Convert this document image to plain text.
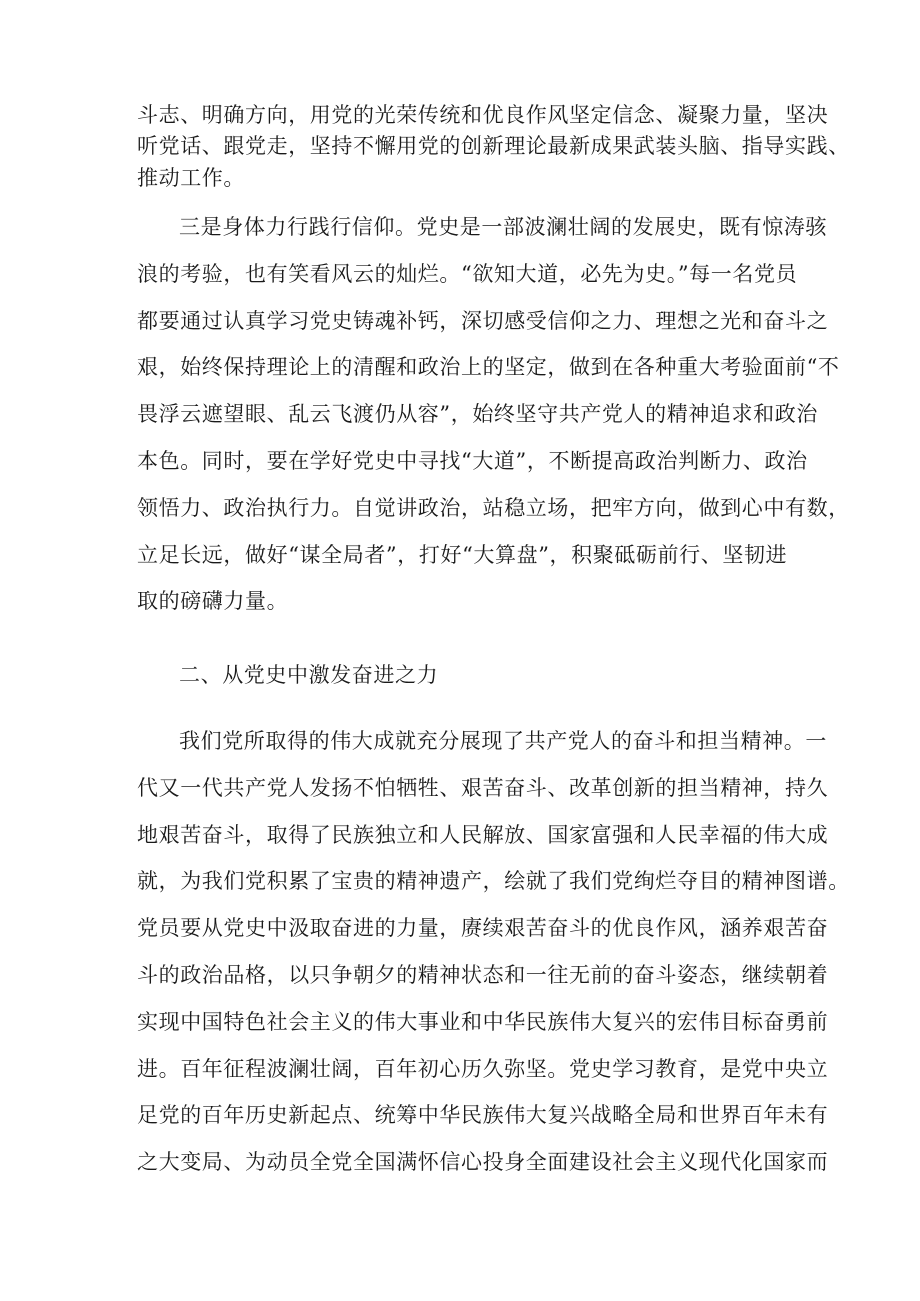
斗志、明确方向，用党的光荣传统和优良作风坚定信念、凝聚力量，坚决
听党话、跟党走，坚持不懈用党的创新理论最新成果武装头脑、指导实践、
推动工作。
三是身体力行践行信仰。党史是一部波澜壮阔的发展史，既有惊涛骇
浪的考验，也有笑看风云的灿烂。“欲知大道，必先为史。”每一名党员
都要通过认真学习党史铸魂补钙，深切感受信仰之力、理想之光和奋斗之
艰，始终保持理论上的清醒和政治上的坚定，做到在各种重大考验面前“不
畏浮云遮望眼、乱云飞渡仍从容”，始终坚守共产党人的精神追求和政治
本色。同时，要在学好党史中寻找“大道”，不断提高政治判断力、政治
领悟力、政治执行力。自觉讲政治，站稳立场，把牢方向，做到心中有数，
立足长远，做好“谋全局者”，打好“大算盘”，积聚砥砺前行、坚韧进
取的磅礴力量。
二、从党史中激发奋进之力
我们党所取得的伟大成就充分展现了共产党人的奋斗和担当精神。一
代又一代共产党人发扬不怕牺牲、艰苦奋斗、改革创新的担当精神，持久
地艰苦奋斗，取得了民族独立和人民解放、国家富强和人民幸福的伟大成
就，为我们党积累了宝贵的精神遗产，绘就了我们党绚烂夺目的精神图谱。
党员要从党史中汲取奋进的力量，赓续艰苦奋斗的优良作风，涵养艰苦奋
斗的政治品格，以只争朝夕的精神状态和一往无前的奋斗姿态，继续朝着
实现中国特色社会主义的伟大事业和中华民族伟大复兴的宏伟目标奋勇前
进。百年征程波澜壮阔，百年初心历久弥坚。党史学习教育，是党中央立
足党的百年历史新起点、统筹中华民族伟大复兴战略全局和世界百年未有
之大变局、为动员全党全国满怀信心投身全面建设社会主义现代化国家而
